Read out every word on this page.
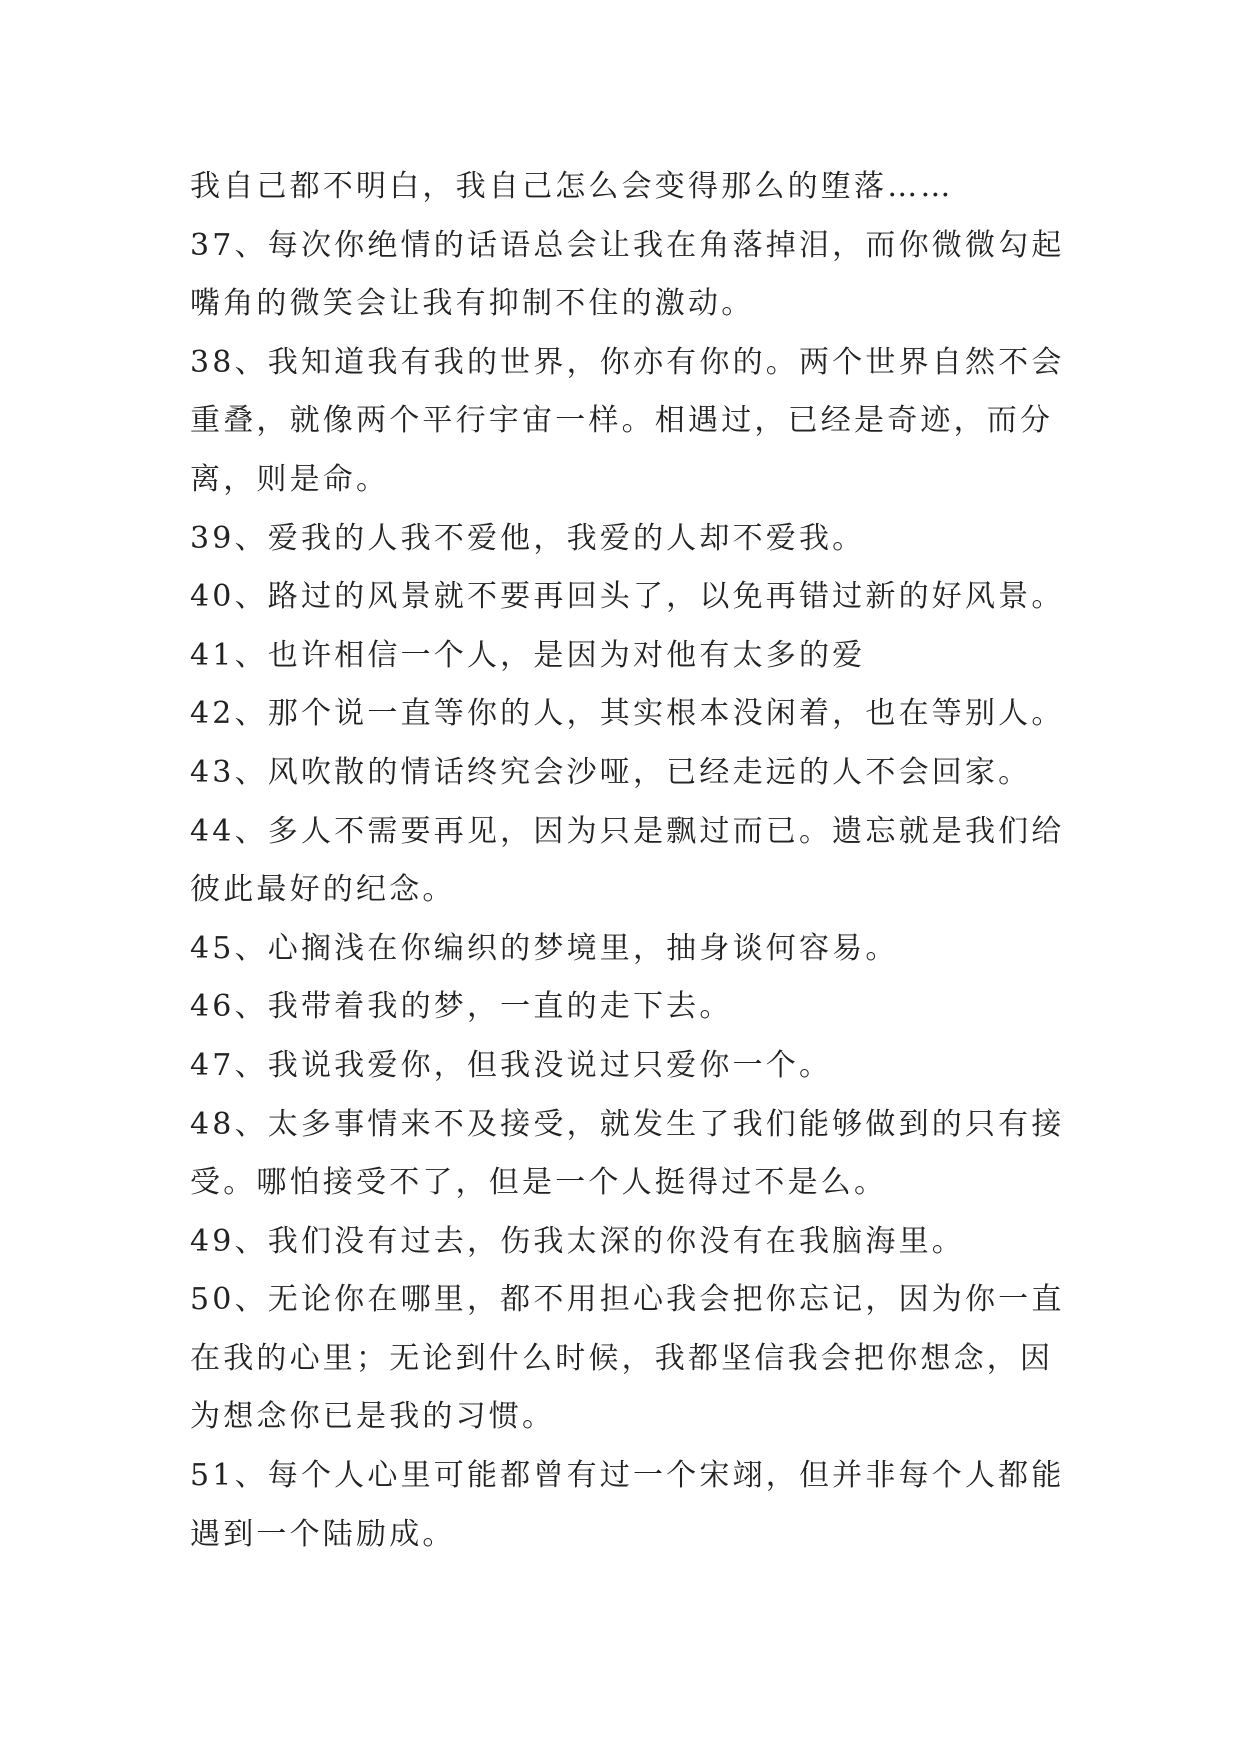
我自己都不明白，我自己怎么会变得那么的堕落……
37、每次你绝情的话语总会让我在角落掉泪，而你微微勾起
嘴角的微笑会让我有抑制不住的激动。
38、我知道我有我的世界，你亦有你的。两个世界自然不会
重叠，就像两个平行宇宙一样。相遇过，已经是奇迹，而分
离，则是命。
39、爱我的人我不爱他，我爱的人却不爱我。
40、路过的风景就不要再回头了，以免再错过新的好风景。
41、也许相信一个人，是因为对他有太多的爱
42、那个说一直等你的人，其实根本没闲着，也在等别人。
43、风吹散的情话终究会沙哑，已经走远的人不会回家。
44、多人不需要再见，因为只是飘过而已。遗忘就是我们给
彼此最好的纪念。
45、心搁浅在你编织的梦境里，抽身谈何容易。
46、我带着我的梦，一直的走下去。
47、我说我爱你，但我没说过只爱你一个。
48、太多事情来不及接受，就发生了我们能够做到的只有接
受。哪怕接受不了，但是一个人挺得过不是么。
49、我们没有过去，伤我太深的你没有在我脑海里。
50、无论你在哪里，都不用担心我会把你忘记，因为你一直
在我的心里；无论到什么时候，我都坚信我会把你想念，因
为想念你已是我的习惯。
51、每个人心里可能都曾有过一个宋翊，但并非每个人都能
遇到一个陆励成。
